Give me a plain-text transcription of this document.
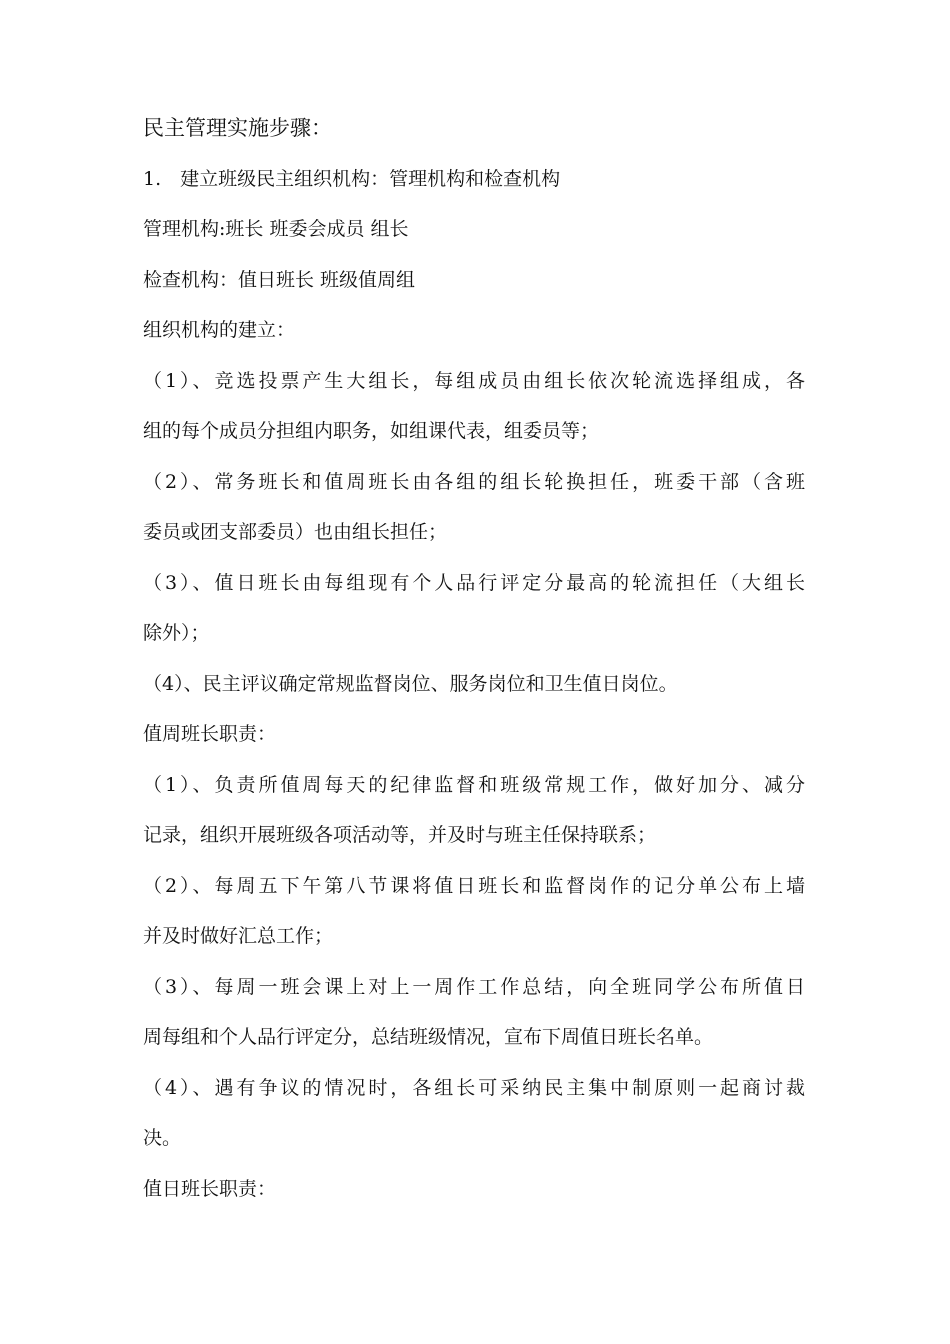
民主管理实施步骤：

1.　建立班级民主组织机构：管理机构和检查机构

管理机构:班长 班委会成员 组长

检查机构：值日班长 班级值周组

组织机构的建立：

（1）、竞选投票产生大组长，每组成员由组长依次轮流选择组成，各

组的每个成员分担组内职务，如组课代表，组委员等；

（2）、常务班长和值周班长由各组的组长轮换担任，班委干部（含班

委员或团支部委员）也由组长担任；

（3）、值日班长由每组现有个人品行评定分最高的轮流担任（大组长

除外）；

（4）、民主评议确定常规监督岗位、服务岗位和卫生值日岗位。

值周班长职责：

（1）、负责所值周每天的纪律监督和班级常规工作，做好加分、减分

记录，组织开展班级各项活动等，并及时与班主任保持联系；

（2）、每周五下午第八节课将值日班长和监督岗作的记分单公布上墙

并及时做好汇总工作；

（3）、每周一班会课上对上一周作工作总结，向全班同学公布所值日

周每组和个人品行评定分，总结班级情况，宣布下周值日班长名单。

（4）、遇有争议的情况时，各组长可采纳民主集中制原则一起商讨裁

决。

值日班长职责：
